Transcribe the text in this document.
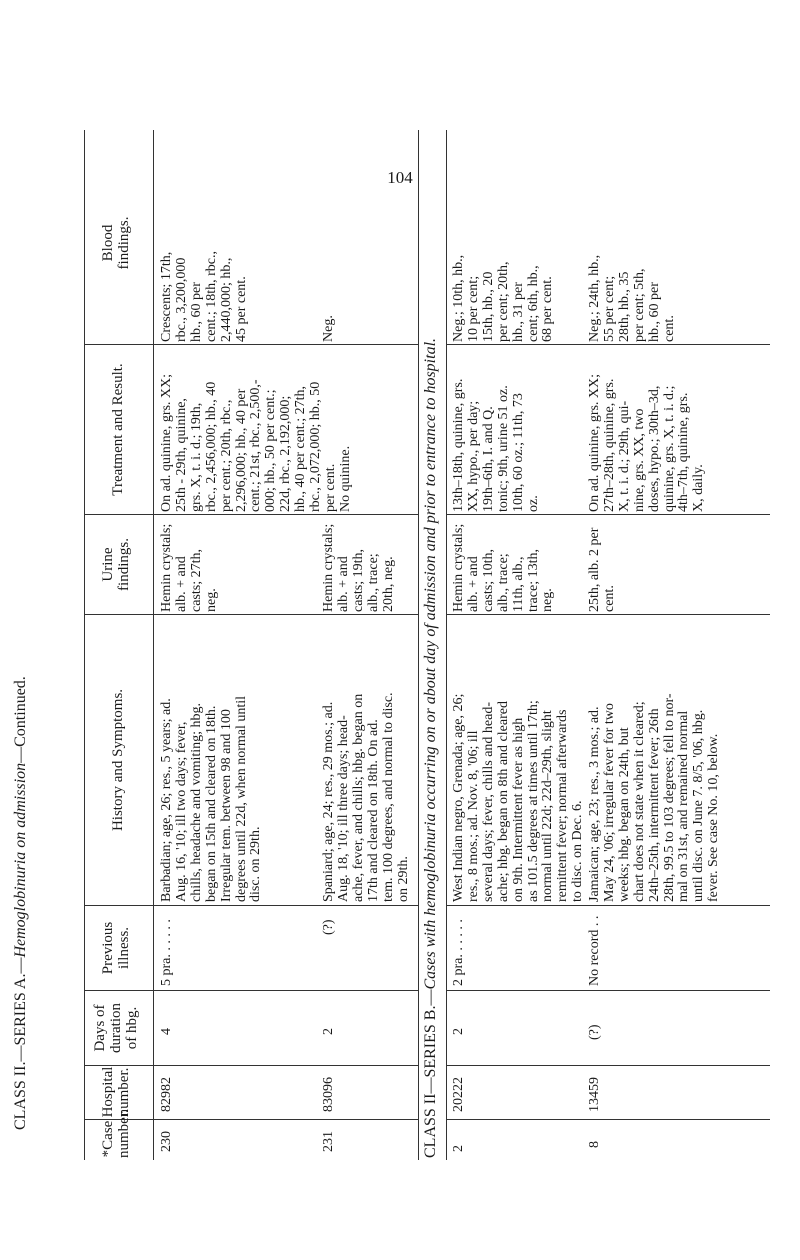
104
CLASS II.—SERIES A.—Hemoglobinuria on admission—Continued.
*Case
number.
Hospital
number.
Days of
duration
of hbg.
Previous
illness.
History and Symptoms.
Urine
findings.
Treatment and Result.
Blood
findings.
230
82982
4
5 pra. . . . . .
Barbadian; age, 26; res., 5 years; ad.
Aug. 16, '10; ill two days; fever,
chills, headache and vomiting; hbg.
began on 15th and cleared on 18th.
Irregular tem. between 98 and 100
degrees until 22d, when normal until
disc. on 29th.
Hemin crystals;
alb. + and
casts; 27th,
neg.
On ad. quinine, grs. XX;
25th - 29th, quinine,
grs. X, t. i. d.; 19th,
rbc., 2,456,000; hb., 40
per cent.; 20th, rbc.,
2,296,000; hb., 40 per
cent.; 21st, rbc., 2,500,-
000; hb., 50 per cent.;
22d, rbc., 2,192,000;
hb., 40 per cent.; 27th,
rbc., 2,072,000; hb., 50
per cent.
No quinine.
Crescents; 17th,
rbc., 3,200,000
hb., 60 per
cent.; 18th, rbc.,
2,440,000; hb.,
45 per cent.
231
83096
2
(?)
Spaniard; age, 24; res., 29 mos.; ad.
Aug. 18, '10; ill three days; head-
ache, fever, and chills; hbg. began on
17th and cleared on 18th. On ad.
tem. 100 degrees, and normal to disc.
on 29th.
Hemin crystals;
alb. + and
casts; 19th,
alb., trace;
20th, neg.
Neg.
CLASS II—SERIES B.—Cases with hemoglobinuria occurring on or about day of admission and prior to entrance to hospital.
2
20222
2
2 pra. . . . . .
West Indian negro, Grenada; age, 26;
res., 8 mos.; ad. Nov. 8, '06; ill
several days; fever, chills and head-
ache; hbg. began on 8th and cleared
on 9th. Intermittent fever as high
as 101.5 degrees at times until 17th;
normal until 22d; 22d–29th, slight
remittent fever; normal afterwards
to disc. on Dec. 6.
Hemin crystals;
alb. + and
casts; 10th,
alb., trace;
11th, alb.,
trace; 13th,
neg.
13th–18th, quinine, grs.
XX, hypo., per day;
19th–6th, I. and Q.
tonic; 9th, urine 51 oz.
10th, 60 oz.; 11th, 73
oz.
Neg.; 10th, hb.,
10 per cent;
15th, hb., 20
per cent; 20th,
hb., 31 per
cent; 6th, hb.,
68 per cent.
8
13459
(?)
No record . .
Jamaican; age, 23; res., 3 mos.; ad.
May 24, '06; irregular fever for two
weeks; hbg. began on 24th, but
chart does not state when it cleared;
24th–25th, intermittent fever; 26th
28th, 99.5 to 103 degrees; fell to nor-
mal on 31st, and remained normal
until disc. on June 7. 8/5, '06, hbg.
fever. See case No. 10, below.
25th, alb. 2 per
cent.
On ad. quinine, grs. XX;
27th–28th, quinine, grs.
X, t. i. d.; 29th, qui-
nine, grs. XX, two
doses, hypo.; 30th–3d,
quinine, grs. X, t. i. d.;
4th–7th, quinine, grs.
X, daily.
Neg.; 24th, hb.,
55 per cent;
28th, hb., 35
per cent; 5th,
hb., 60 per
cent.
